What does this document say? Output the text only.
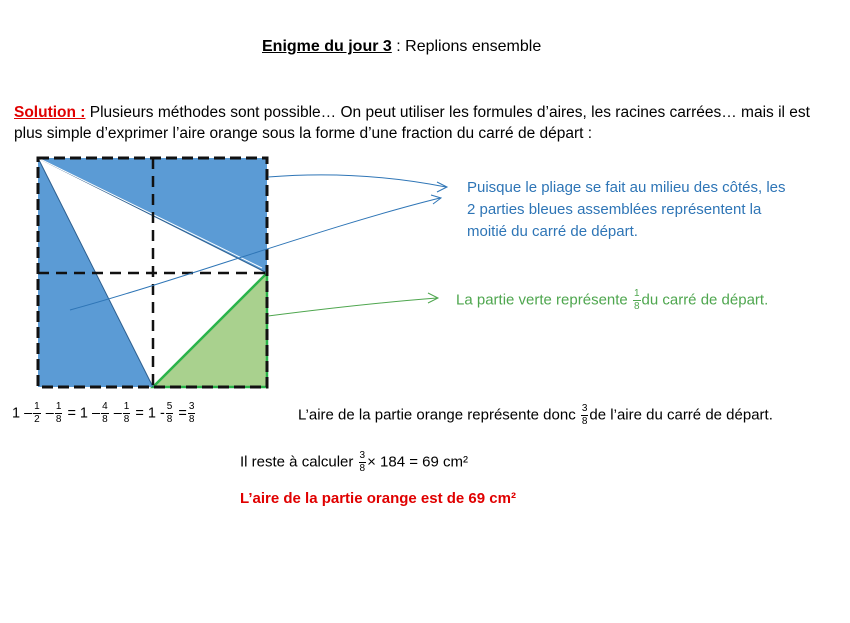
Enigme du jour 3 : Replions ensemble
Solution : Plusieurs méthodes sont possible… On peut utiliser les formules d’aires, les racines carrées… mais il est
plus simple d’exprimer l’aire orange sous la forme d’une fraction du carré de départ :
Puisque le pliage se fait au milieu des côtés, les
2 parties bleues assemblées représentent la
moitié du carré de départ.
La partie verte représente $\frac{1}{8}$ du carré de départ.
$1 - \frac{1}{2} - \frac{1}{8} = 1 - \frac{4}{8} - \frac{1}{8} = 1 - \frac{5}{8} = \frac{3}{8}$	L’aire de la partie orange représente donc $\frac{3}{8}$ de l’aire du carré de départ.
Il reste à calculer $\frac{3}{8} \times 184 = 69$ cm²
L’aire de la partie orange est de 69 cm²
